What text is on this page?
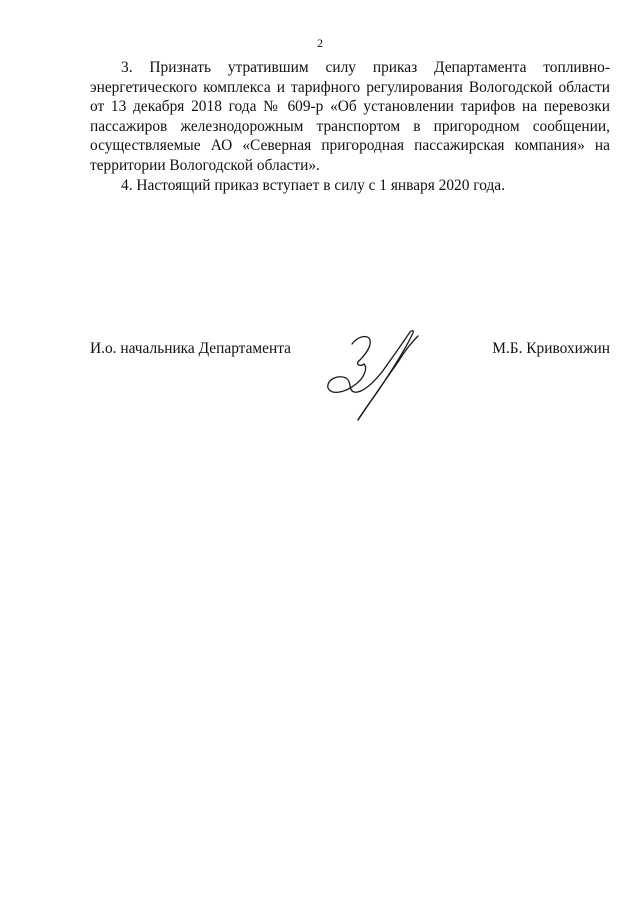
2

3. Признать утратившим силу приказ Департамента топливно-энергетического комплекса и тарифного регулирования Вологодской области от 13 декабря 2018 года № 609-р «Об установлении тарифов на перевозки пассажиров железнодорожным транспортом в пригородном сообщении, осуществляемые АО «Северная пригородная пассажирская компания» на территории Вологодской области».

4. Настоящий приказ вступает в силу с 1 января 2020 года.

И.о. начальника Департамента	М.Б. Кривохижин
